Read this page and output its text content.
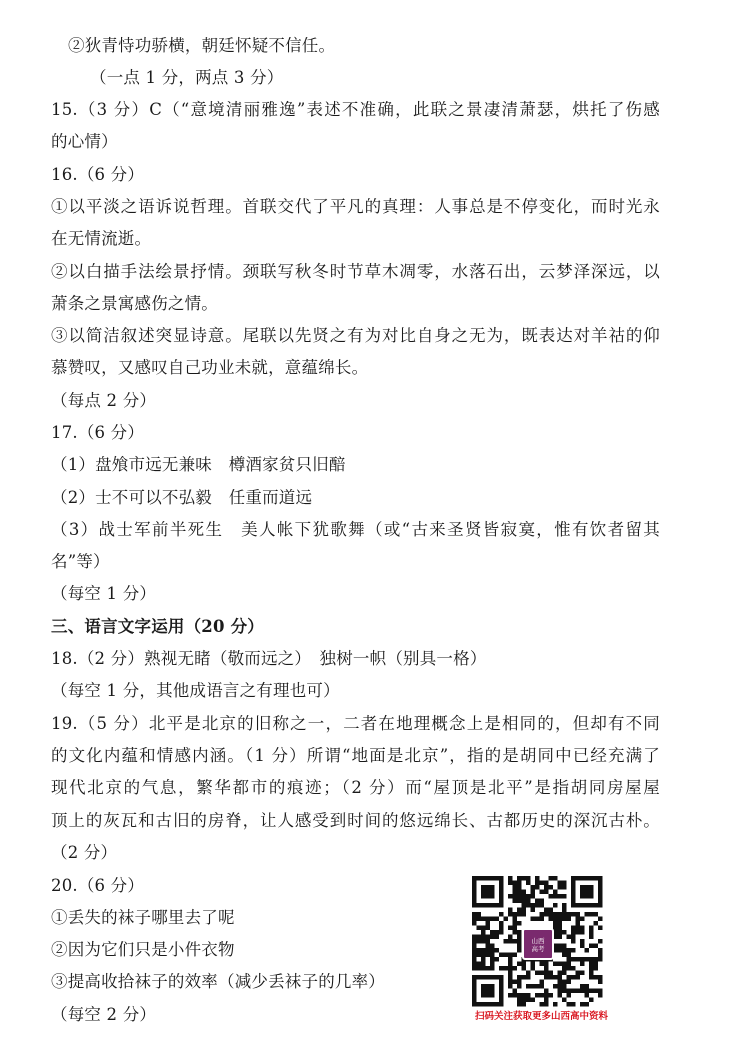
②狄青恃功骄横，朝廷怀疑不信任。
（一点 1 分，两点 3 分）
15.（3 分）C（“意境清丽雅逸”表述不准确，此联之景凄清萧瑟，烘托了伤感
的心情）
16.（6 分）
①以平淡之语诉说哲理。首联交代了平凡的真理：人事总是不停变化，而时光永
在无情流逝。
②以白描手法绘景抒情。颈联写秋冬时节草木凋零，水落石出，云梦泽深远，以
萧条之景寓感伤之情。
③以简洁叙述突显诗意。尾联以先贤之有为对比自身之无为，既表达对羊祜的仰
慕赞叹，又感叹自己功业未就，意蕴绵长。
（每点 2 分）
17.（6 分）
（1）盘飧市远无兼味　樽酒家贫只旧醅
（2）士不可以不弘毅　任重而道远
（3）战士军前半死生　美人帐下犹歌舞（或“古来圣贤皆寂寞，惟有饮者留其
名”等）
（每空 1 分）
三、语言文字运用（20 分）
18.（2 分）熟视无睹（敬而远之）　独树一帜（别具一格）
（每空 1 分，其他成语言之有理也可）
19.（5 分）北平是北京的旧称之一，二者在地理概念上是相同的，但却有不同
的文化内蕴和情感内涵。（1 分）所谓“地面是北京”，指的是胡同中已经充满了
现代北京的气息，繁华都市的痕迹；（2 分）而“屋顶是北平”是指胡同房屋屋
顶上的灰瓦和古旧的房脊，让人感受到时间的悠远绵长、古都历史的深沉古朴。
（2 分）
20.（6 分）
①丢失的袜子哪里去了呢
②因为它们只是小件衣物
③提高收拾袜子的效率（减少丢袜子的几率）
（每空 2 分）
山西
高考
扫码关注获取更多山西高中资料
